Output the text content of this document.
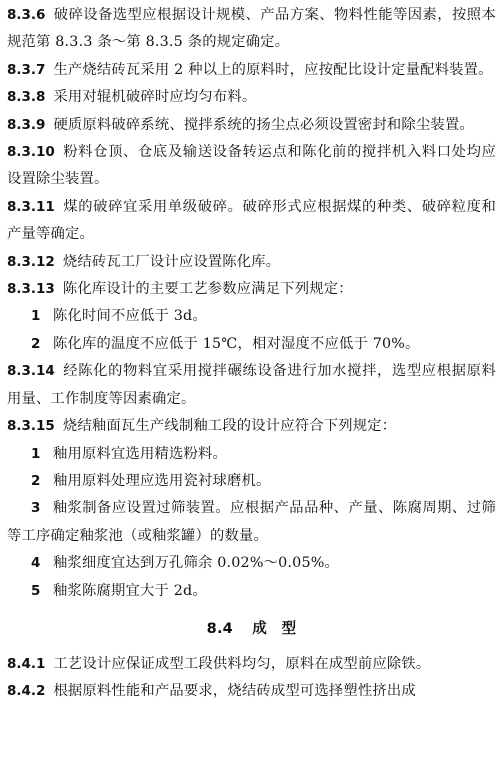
8.3.6 破碎设备选型应根据设计规模、产品方案、物料性能等因素，按照本规范第 8.3.3 条～第 8.3.5 条的规定确定。

8.3.7 生产烧结砖瓦采用 2 种以上的原料时，应按配比设计定量配料装置。

8.3.8 采用对辊机破碎时应均匀布料。

8.3.9 硬质原料破碎系统、搅拌系统的扬尘点必须设置密封和除尘装置。

8.3.10 粉料仓顶、仓底及输送设备转运点和陈化前的搅拌机入料口处均应设置除尘装置。

8.3.11 煤的破碎宜采用单级破碎。破碎形式应根据煤的种类、破碎粒度和产量等确定。

8.3.12 烧结砖瓦工厂设计应设置陈化库。

8.3.13 陈化库设计的主要工艺参数应满足下列规定：

1 陈化时间不应低于 3d。

2 陈化库的温度不应低于 15℃，相对湿度不应低于 70%。

8.3.14 经陈化的物料宜采用搅拌碾练设备进行加水搅拌，选型应根据原料用量、工作制度等因素确定。

8.3.15 烧结釉面瓦生产线制釉工段的设计应符合下列规定：

1 釉用原料宜选用精选粉料。

2 釉用原料处理应选用瓷衬球磨机。

3 釉浆制备应设置过筛装置。应根据产品品种、产量、陈腐周期、过筛等工序确定釉浆池（或釉浆罐）的数量。

4 釉浆细度宜达到万孔筛余 0.02%～0.05%。

5 釉浆陈腐期宜大于 2d。

8.4 成　型

8.4.1 工艺设计应保证成型工段供料均匀，原料在成型前应除铁。

8.4.2 根据原料性能和产品要求，烧结砖成型可选择塑性挤出成
